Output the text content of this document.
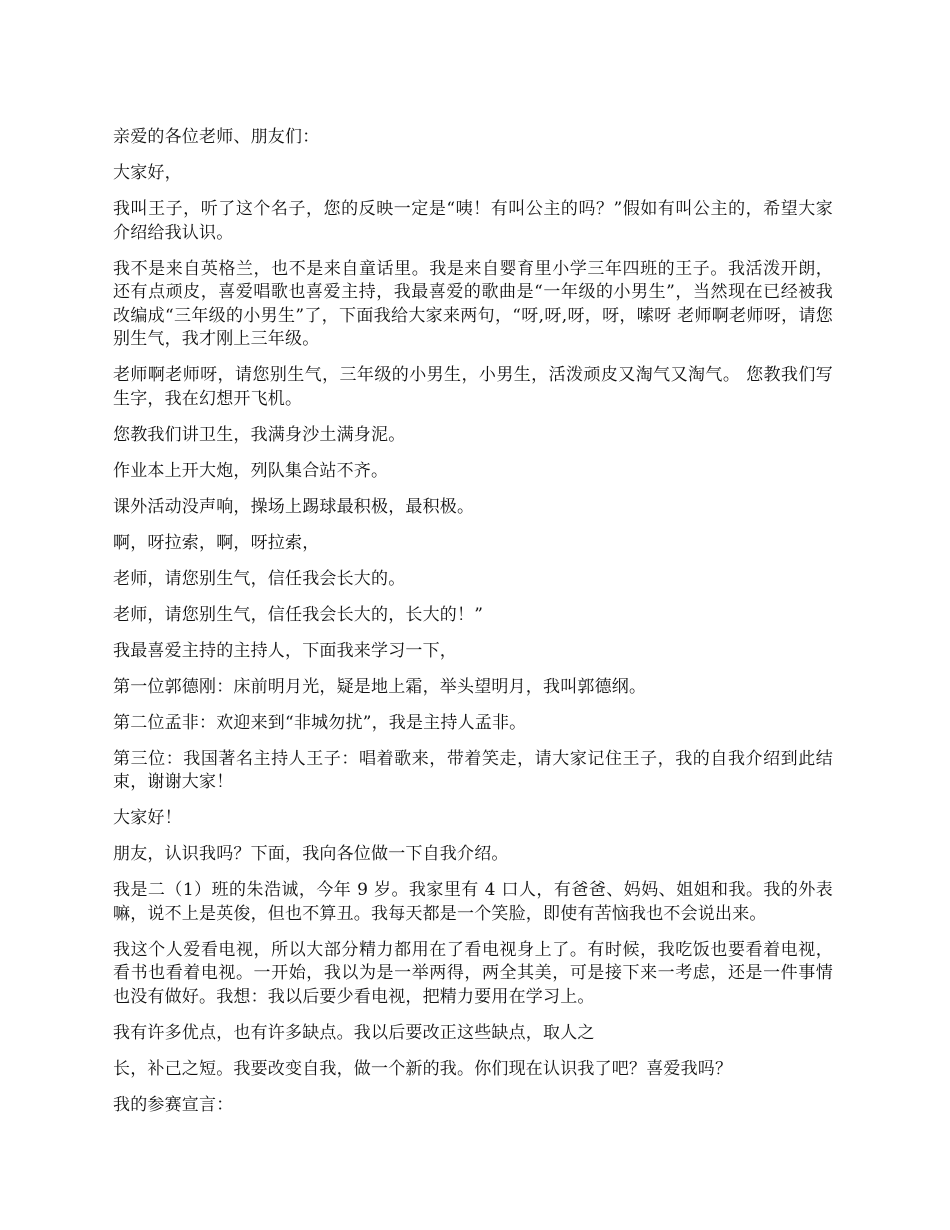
亲爱的各位老师、朋友们：

大家好，

我叫王子，听了这个名子，您的反映一定是“咦！有叫公主的吗？”假如有叫公主的，希望大家介绍给我认识。

我不是来自英格兰，也不是来自童话里。我是来自婴育里小学三年四班的王子。我活泼开朗，还有点顽皮，喜爱唱歌也喜爱主持，我最喜爱的歌曲是“一年级的小男生”，当然现在已经被我改编成“三年级的小男生”了，下面我给大家来两句，“呀,呀,呀，呀，嗦呀 老师啊老师呀，请您别生气，我才刚上三年级。

老师啊老师呀，请您别生气，三年级的小男生，小男生，活泼顽皮又淘气又淘气。 您教我们写生字，我在幻想开飞机。

您教我们讲卫生，我满身沙土满身泥。

作业本上开大炮，列队集合站不齐。

课外活动没声响，操场上踢球最积极，最积极。

啊，呀拉索，啊，呀拉索，

老师，请您别生气，信任我会长大的。

老师，请您别生气，信任我会长大的，长大的！”

我最喜爱主持的主持人，下面我来学习一下，

第一位郭德刚：床前明月光，疑是地上霜，举头望明月，我叫郭德纲。

第二位孟非：欢迎来到“非城勿扰”，我是主持人孟非。

第三位：我国著名主持人王子：唱着歌来，带着笑走，请大家记住王子，我的自我介绍到此结束，谢谢大家！

大家好！

朋友，认识我吗？下面，我向各位做一下自我介绍。

我是二（1）班的朱浩诚，今年 9 岁。我家里有 4 口人，有爸爸、妈妈、姐姐和我。我的外表嘛，说不上是英俊，但也不算丑。我每天都是一个笑脸，即使有苦恼我也不会说出来。

我这个人爱看电视，所以大部分精力都用在了看电视身上了。有时候，我吃饭也要看着电视，看书也看着电视。一开始，我以为是一举两得，两全其美，可是接下来一考虑，还是一件事情也没有做好。我想：我以后要少看电视，把精力要用在学习上。

我有许多优点，也有许多缺点。我以后要改正这些缺点，取人之

长，补己之短。我要改变自我，做一个新的我。你们现在认识我了吧？喜爱我吗？

我的参赛宣言：
